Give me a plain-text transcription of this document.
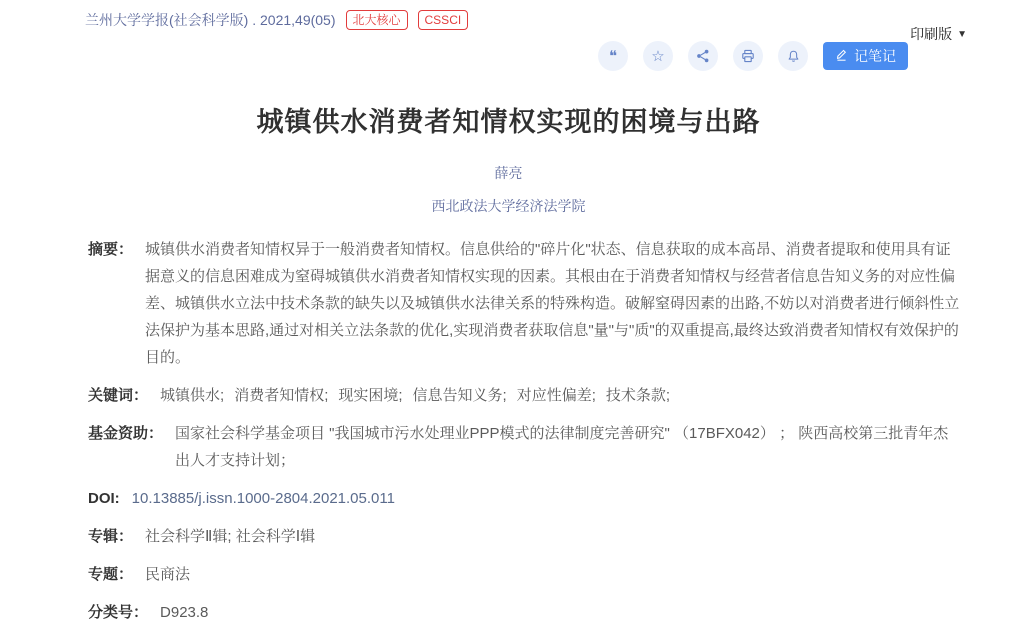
兰州大学学报(社会科学版) . 2021,49(05)	北大核心	CSSCI
印刷版 ▼
❝ ☆	记笔记
城镇供水消费者知情权实现的困境与出路
薛亮
西北政法大学经济法学院
摘要： 城镇供水消费者知情权异于一般消费者知情权。信息供给的"碎片化"状态、信息获取的成本高昂、消费者提取和使用具有证据意义的信息困难成为窒碍城镇供水消费者知情权实现的因素。其根由在于消费者知情权与经营者信息告知义务的对应性偏差、城镇供水立法中技术条款的缺失以及城镇供水法律关系的特殊构造。破解窒碍因素的出路,不妨以对消费者进行倾斜性立法保护为基本思路,通过对相关立法条款的优化,实现消费者获取信息"量"与"质"的双重提高,最终达致消费者知情权有效保护的目的。
关键词： 城镇供水; 消费者知情权; 现实困境; 信息告知义务; 对应性偏差; 技术条款;
基金资助： 国家社会科学基金项目 "我国城市污水处理业PPP模式的法律制度完善研究" （17BFX042） ； 陕西高校第三批青年杰出人才支持计划；
DOI: 10.13885/j.issn.1000-2804.2021.05.011
专辑： 社会科学Ⅱ辑; 社会科学Ⅰ辑
专题： 民商法
分类号： D923.8
